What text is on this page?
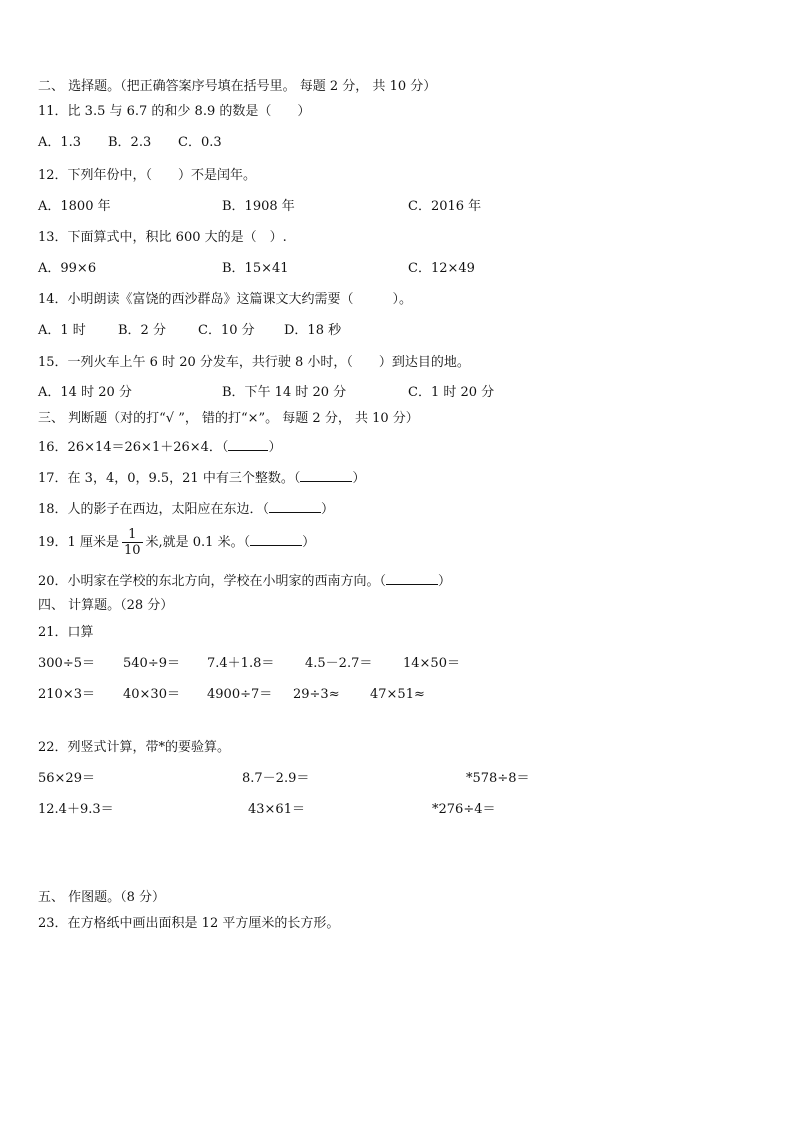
二、 选择题。（把正确答案序号填在括号里。 每题 2 分， 共 10 分）
11．比 3.5 与 6.7 的和少 8.9 的数是（　　）
A．1.3 B．2.3 C．0.3
12．下列年份中，（　　）不是闰年。
A．1800 年	B．1908 年	C．2016 年
13．下面算式中，积比 600 大的是（　）.
A．99×6	B．15×41	C．12×49
14．小明朗读《富饶的西沙群岛》这篇课文大约需要（　　　）。
A．1 时 B．2 分 C．10 分 D．18 秒
15．一列火车上午 6 时 20 分发车，共行驶 8 小时，（　　）到达目的地。
A．14 时 20 分	B．下午 14 时 20 分	C．1 时 20 分
三、 判断题（对的打“√ ”， 错的打“×”。 每题 2 分， 共 10 分）
16．26×14＝26×1＋26×4．（	）
17．在 3，4，0，9.5，21 中有三个整数。（	）
18．人的影子在西边，太阳应在东边．（	）
19．1 厘米是 $\frac{1}{10}$ 米,就是 0.1 米。（	）
20．小明家在学校的东北方向，学校在小明家的西南方向。（	）
四、 计算题。（28 分）
21．口算
300÷5＝ 540÷9＝ 7.4＋1.8＝ 4.5－2.7＝ 14×50＝
210×3＝ 40×30＝ 4900÷7＝ 29÷3≈ 47×51≈
22．列竖式计算，带*的要验算。
56×29＝	8.7－2.9＝	*578÷8＝
12.4＋9.3＝	43×61＝	*276÷4＝
五、 作图题。（8 分）
23．在方格纸中画出面积是 12 平方厘米的长方形。
